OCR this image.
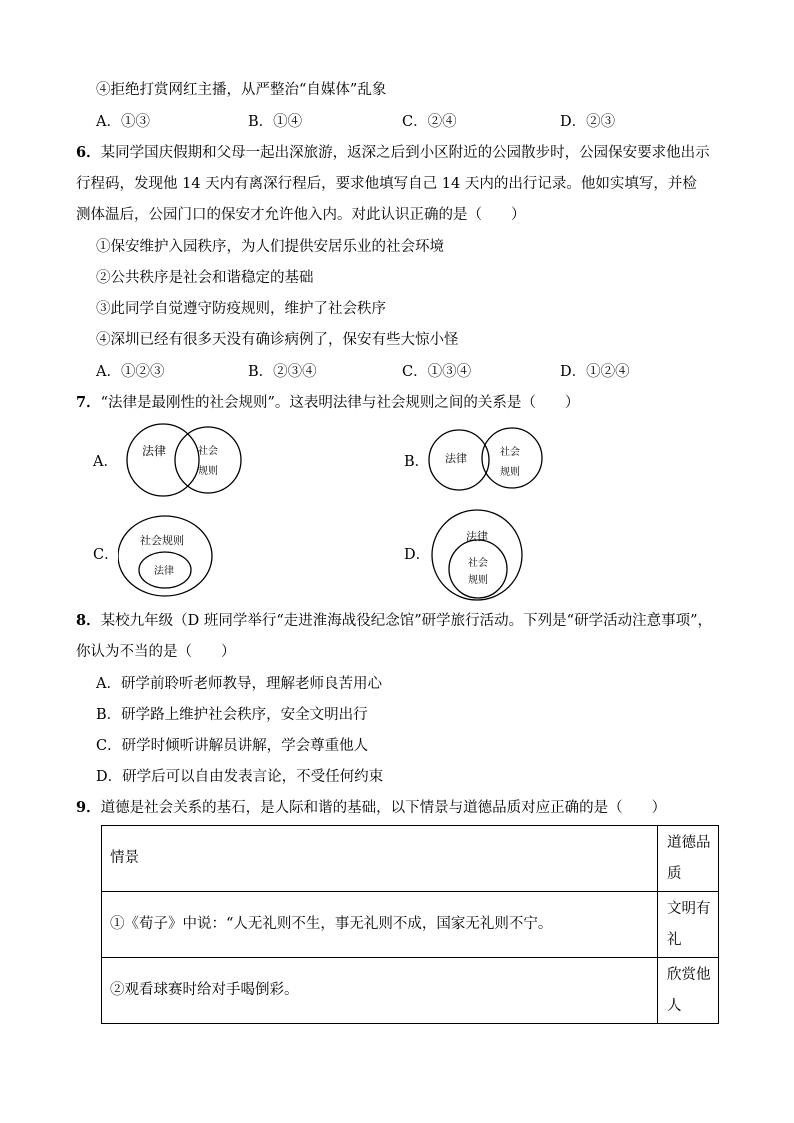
④拒绝打赏网红主播，从严整治“自媒体”乱象
A．①③	B．①④	C．②④	D．②③
6．某同学国庆假期和父母一起出深旅游，返深之后到小区附近的公园散步时，公园保安要求他出示
行程码，发现他 14 天内有离深行程后，要求他填写自己 14 天内的出行记录。他如实填写，并检
测体温后，公园门口的保安才允许他入内。对此认识正确的是（　　）
①保安维护入园秩序，为人们提供安居乐业的社会环境
②公共秩序是社会和谐稳定的基础
③此同学自觉遵守防疫规则，维护了社会秩序
④深圳已经有很多天没有确诊病例了，保安有些大惊小怪
A．①②③	B．②③④	C．①③④	D．①②④
7．“法律是最刚性的社会规则”。这表明法律与社会规则之间的关系是（　　）
A．
法律	社会
规则
B． 法律	社会
规则
C．
社会规则
法律
D．
法律
社会
规则
8．某校九年级（D 班同学举行“走进淮海战役纪念馆”研学旅行活动。下列是“研学活动注意事项”，
你认为不当的是（　　）
A．研学前聆听老师教导，理解老师良苦用心
B．研学路上维护社会秩序，安全文明出行
C．研学时倾听讲解员讲解，学会尊重他人
D．研学后可以自由发表言论，不受任何约束
9．道德是社会关系的基石，是人际和谐的基础，以下情景与道德品质对应正确的是（　　）
情景	道德品质
①《荀子》中说：“人无礼则不生，事无礼则不成，国家无礼则不宁。	文明有礼
②观看球赛时给对手喝倒彩。	欣赏他人
